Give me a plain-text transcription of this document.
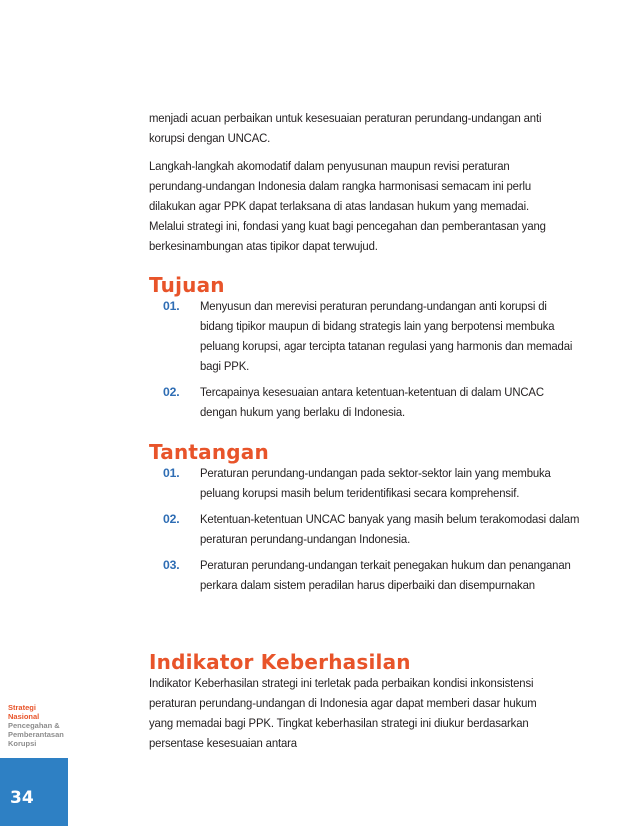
menjadi acuan perbaikan untuk kesesuaian peraturan perundang-undangan anti korupsi dengan UNCAC.

Langkah-langkah akomodatif dalam penyusunan maupun revisi peraturan perundang-undangan Indonesia dalam rangka harmonisasi semacam ini perlu dilakukan agar PPK dapat terlaksana di atas landasan hukum yang memadai. Melalui strategi ini, fondasi yang kuat bagi pencegahan dan pemberantasan yang berkesinambungan atas tipikor dapat terwujud.

Tujuan
01. Menyusun dan merevisi peraturan perundang-undangan anti korupsi di bidang tipikor maupun di bidang strategis lain yang berpotensi membuka peluang korupsi, agar tercipta tatanan regulasi yang harmonis dan memadai bagi PPK.
02. Tercapainya kesesuaian antara ketentuan-ketentuan di dalam UNCAC dengan hukum yang berlaku di Indonesia.
Tantangan
01. Peraturan perundang-undangan pada sektor-sektor lain yang membuka peluang korupsi masih belum teridentifikasi secara komprehensif.
02. Ketentuan-ketentuan UNCAC banyak yang masih belum terakomodasi dalam peraturan perundang-undangan Indonesia.
03. Peraturan perundang-undangan terkait penegakan hukum dan penanganan perkara dalam sistem peradilan harus diperbaiki dan disempurnakan
Indikator Keberhasilan

Indikator Keberhasilan strategi ini terletak pada perbaikan kondisi inkonsistensi peraturan perundang-undangan di Indonesia agar dapat memberi dasar hukum yang memadai bagi PPK. Tingkat keberhasilan strategi ini diukur berdasarkan persentase kesesuaian antara

Strategi
Nasional
Pencegahan &
Pemberantasan
Korupsi
34
